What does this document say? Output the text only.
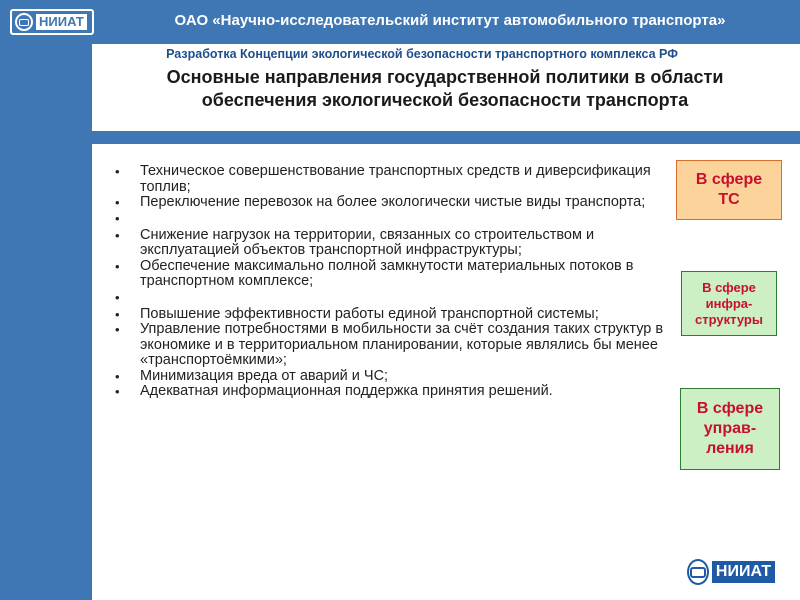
НИИАТ	ОАО «Научно-исследовательский институт автомобильного транспорта»
Разработка Концепции экологической безопасности транспортного комплекса РФ
Основные направления государственной политики в области
обеспечения экологической безопасности транспорта
• Техническое совершенствование транспортных средств и диверсификация топлив;
• Переключение перевозок на более экологически чистые виды транспорта;
•
• Снижение нагрузок на территории, связанных со строительством и эксплуатацией объектов транспортной инфраструктуры;
• Обеспечение максимально полной замкнутости материальных потоков в транспортном комплексе;
•
• Повышение эффективности работы единой транспортной системы;
• Управление потребностями в мобильности за счёт создания таких структур в экономике и в территориальном планировании, которые являлись бы менее «транспортоёмкими»;
• Минимизация вреда от аварий и ЧС;
• Адекватная информационная поддержка принятия решений.
В сфере
ТС
В сфере
инфра-
структуры
В сфере
управ-
ления
НИИАТ
